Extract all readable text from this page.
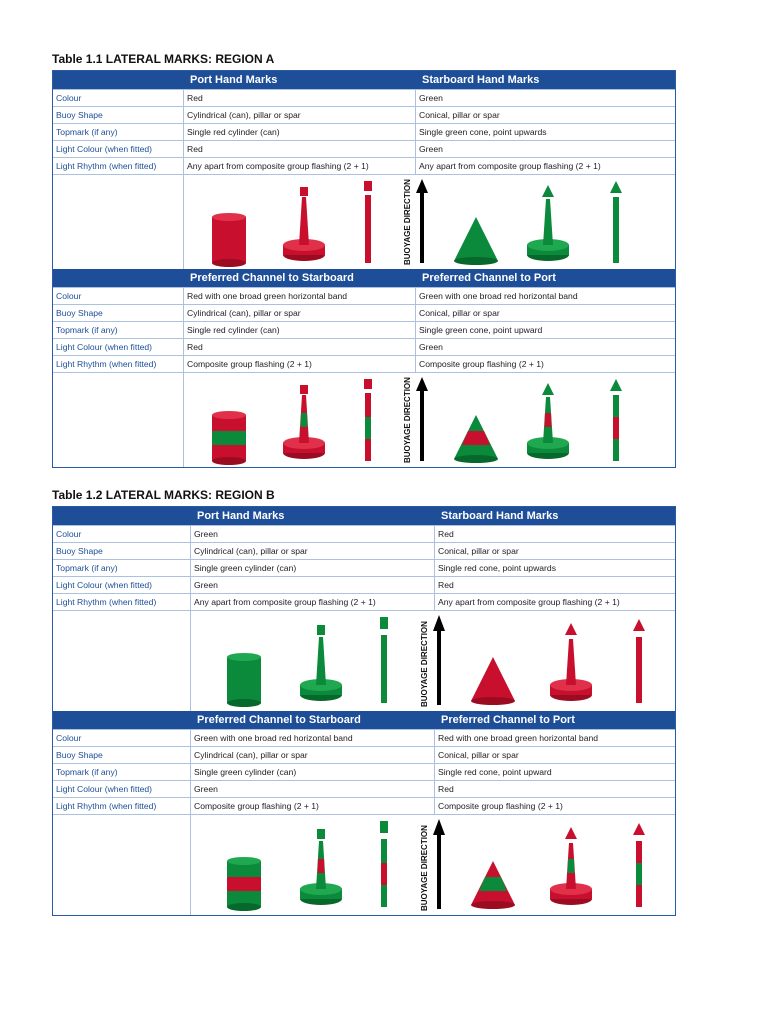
Table 1.1 LATERAL MARKS: REGION A
Port Hand Marks	Starboard Hand Marks
Colour	Red	Green
Buoy Shape	Cylindrical (can), pillar or spar	Conical, pillar or spar
Topmark (if any)	Single red cylinder (can)	Single green cone, point upwards
Light Colour (when fitted)	Red	Green
Light Rhythm (when fitted)	Any apart from composite group flashing (2 + 1)	Any apart from composite group flashing (2 + 1)
BUOYAGE DIRECTION
Preferred Channel to Starboard	Preferred Channel to Port
Colour	Red with one broad green horizontal band	Green with one broad red horizontal band
Buoy Shape	Cylindrical (can), pillar or spar	Conical, pillar or spar
Topmark (if any)	Single red cylinder (can)	Single green cone, point upward
Light Colour (when fitted)	Red	Green
Light Rhythm (when fitted)	Composite group flashing (2 + 1)	Composite group flashing (2 + 1)
BUOYAGE DIRECTION
Table 1.2 LATERAL MARKS: REGION B
Port Hand Marks	Starboard Hand Marks
Colour	Green	Red
Buoy Shape	Cylindrical (can), pillar or spar	Conical, pillar or spar
Topmark (if any)	Single green cylinder (can)	Single red cone, point upwards
Light Colour (when fitted)	Green	Red
Light Rhythm (when fitted)	Any apart from composite group flashing (2 + 1)	Any apart from composite group flashing (2 + 1)
BUOYAGE DIRECTION
Preferred Channel to Starboard	Preferred Channel to Port
Colour	Green with one broad red horizontal band	Red with one broad green horizontal band
Buoy Shape	Cylindrical (can), pillar or spar	Conical, pillar or spar
Topmark (if any)	Single green cylinder (can)	Single red cone, point upward
Light Colour (when fitted)	Green	Red
Light Rhythm (when fitted)	Composite group flashing (2 + 1)	Composite group flashing (2 + 1)
BUOYAGE DIRECTION
